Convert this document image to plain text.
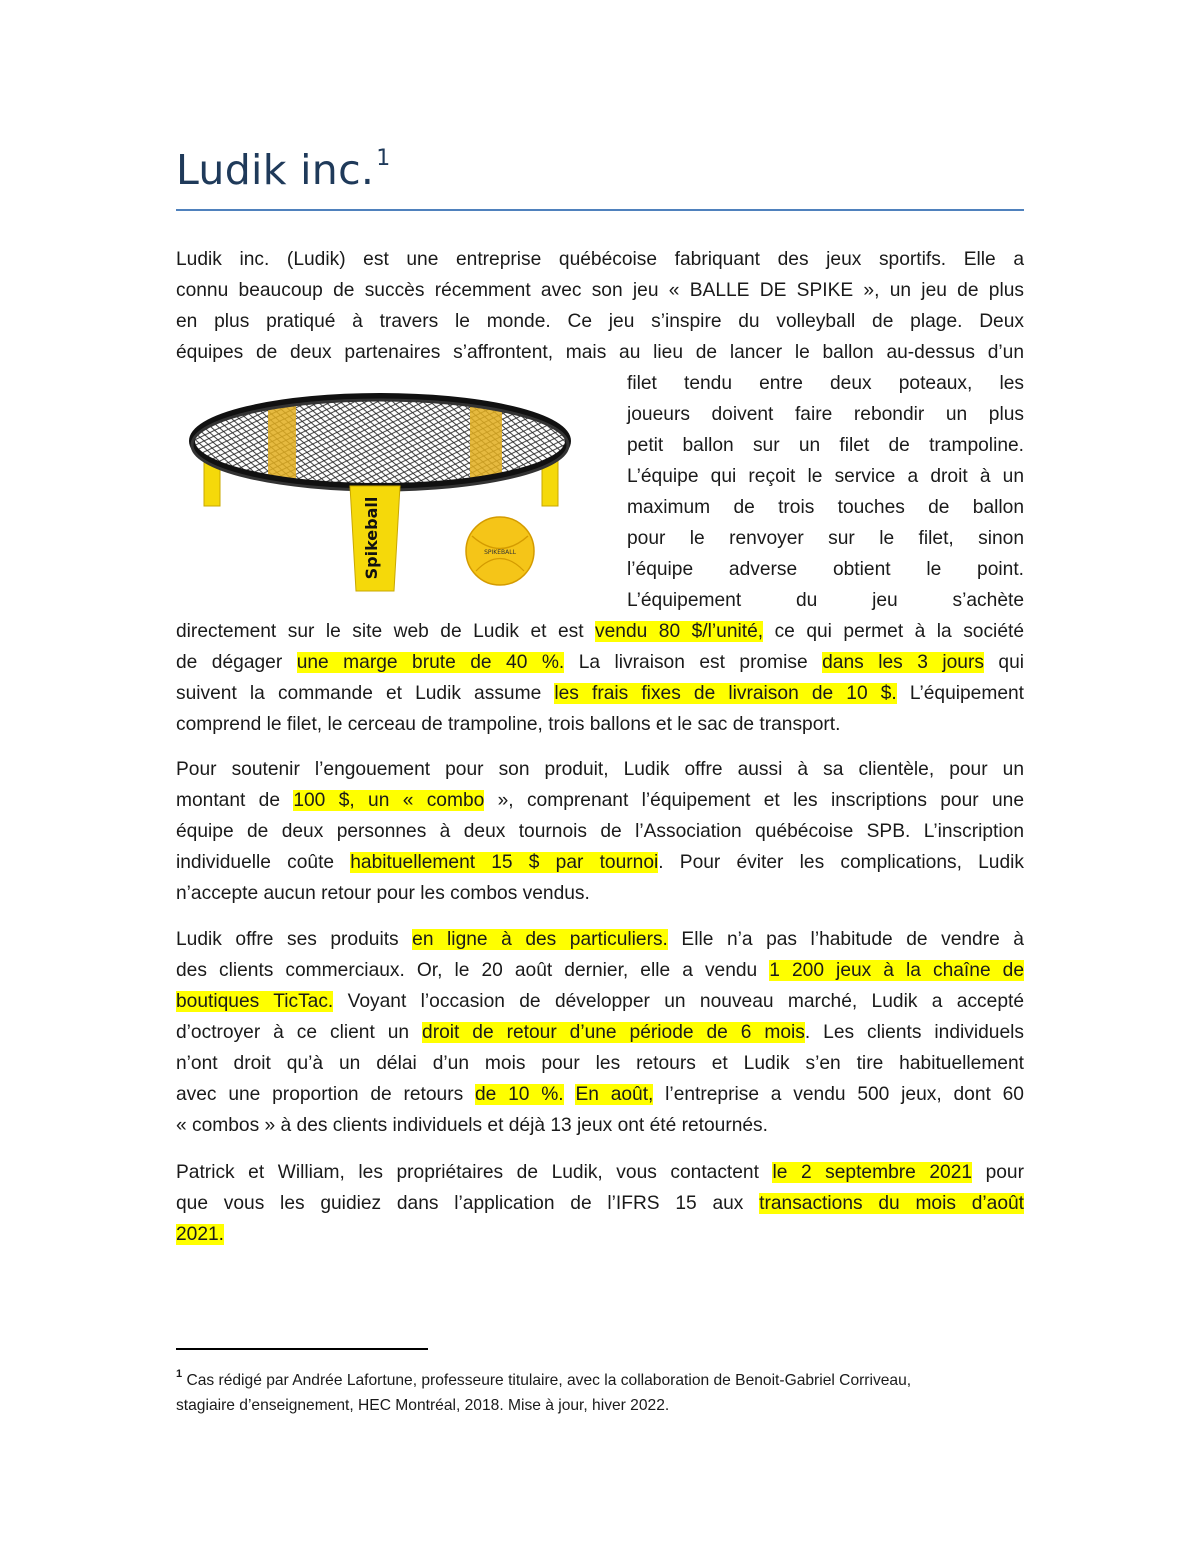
Ludik inc.$^1$
Ludik inc. (Ludik) est une entreprise québécoise fabriquant des jeux sportifs. Elle a
connu beaucoup de succès récemment avec son jeu « BALLE DE SPIKE », un jeu de plus
en plus pratiqué à travers le monde. Ce jeu s’inspire du volleyball de plage. Deux
équipes de deux partenaires s’affrontent, mais au lieu de lancer le ballon au-dessus d’un
filet tendu entre deux poteaux, les
joueurs doivent faire rebondir un plus
petit ballon sur un filet de trampoline.
L’équipe qui reçoit le service a droit à un
maximum de trois touches de ballon
pour le renvoyer sur le filet, sinon
l’équipe adverse obtient le point.
L’équipement du jeu s’achète
directement sur le site web de Ludik et est vendu 80 $/l’unité, ce qui permet à la société
de dégager une marge brute de 40 %. La livraison est promise dans les 3 jours qui
suivent la commande et Ludik assume les frais fixes de livraison de 10 $. L’équipement
comprend le filet, le cerceau de trampoline, trois ballons et le sac de transport.
Spikeball	SPIKEBALL
Pour soutenir l’engouement pour son produit, Ludik offre aussi à sa clientèle, pour un
montant de 100 $, un « combo », comprenant l’équipement et les inscriptions pour une
équipe de deux personnes à deux tournois de l’Association québécoise SPB. L’inscription
individuelle coûte habituellement 15 $ par tournoi. Pour éviter les complications, Ludik
n’accepte aucun retour pour les combos vendus.
Ludik offre ses produits en ligne à des particuliers. Elle n’a pas l’habitude de vendre à
des clients commerciaux. Or, le 20 août dernier, elle a vendu 1 200 jeux à la chaîne de
boutiques TicTac. Voyant l’occasion de développer un nouveau marché, Ludik a accepté
d’octroyer à ce client un droit de retour d’une période de 6 mois. Les clients individuels
n’ont droit qu’à un délai d’un mois pour les retours et Ludik s’en tire habituellement
avec une proportion de retours de 10 %. En août, l’entreprise a vendu 500 jeux, dont 60
« combos » à des clients individuels et déjà 13 jeux ont été retournés.
Patrick et William, les propriétaires de Ludik, vous contactent le 2 septembre 2021 pour
que vous les guidiez dans l’application de l’IFRS 15 aux transactions du mois d’août
2021.
$^1$ Cas rédigé par Andrée Lafortune, professeure titulaire, avec la collaboration de Benoit-Gabriel Corriveau,
stagiaire d’enseignement, HEC Montréal, 2018. Mise à jour, hiver 2022.
